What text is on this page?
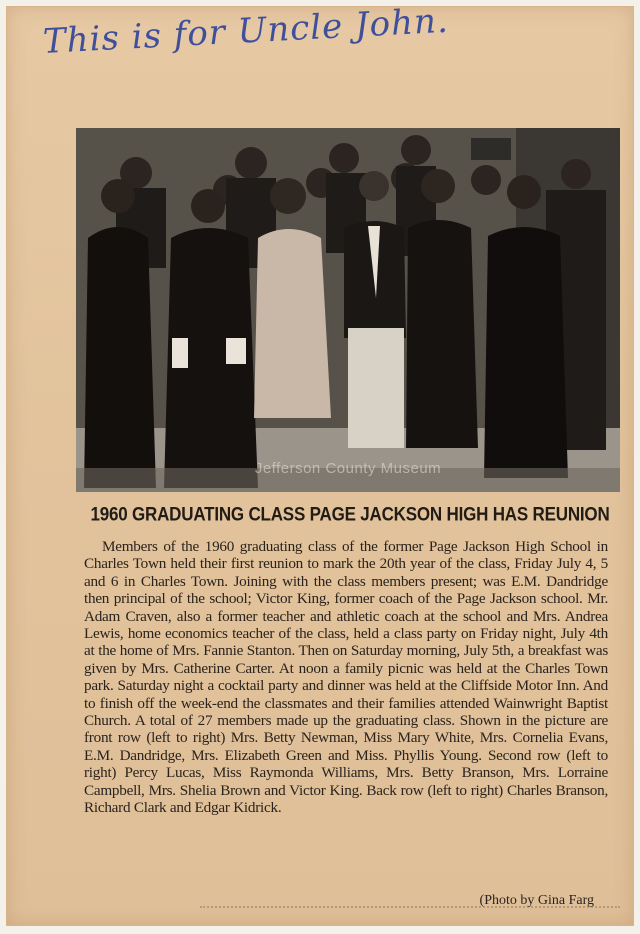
This is for Uncle John.
Jefferson County Museum
1960 GRADUATING CLASS PAGE JACKSON HIGH HAS REUNION
Members of the 1960 graduating class of the former Page Jackson High School in Charles Town held their first reunion to mark the 20th year of the class, Friday July 4, 5 and 6 in Charles Town. Joining with the class members present; was E.M. Dandridge then principal of the school; Victor King, former coach of the Page Jackson school. Mr. Adam Craven, also a former teacher and athletic coach at the school and Mrs. Andrea Lewis, home economics teacher of the class, held a class party on Friday night, July 4th at the home of Mrs. Fannie Stanton. Then on Saturday morning, July 5th, a breakfast was given by Mrs. Catherine Carter. At noon a family picnic was held at the Charles Town park. Saturday night a cocktail party and dinner was held at the Cliffside Motor Inn. And to finish off the week-end the classmates and their families attended Wainwright Baptist Church. A total of 27 members made up the graduating class. Shown in the picture are front row (left to right) Mrs. Betty Newman, Miss Mary White, Mrs. Cornelia Evans, E.M. Dandridge, Mrs. Elizabeth Green and Miss. Phyllis Young. Second row (left to right) Percy Lucas, Miss Raymonda Williams, Mrs. Betty Branson, Mrs. Lorraine Campbell, Mrs. Shelia Brown and Victor King. Back row (left to right) Charles Branson, Richard Clark and Edgar Kidrick.
(Photo by Gina Farg
